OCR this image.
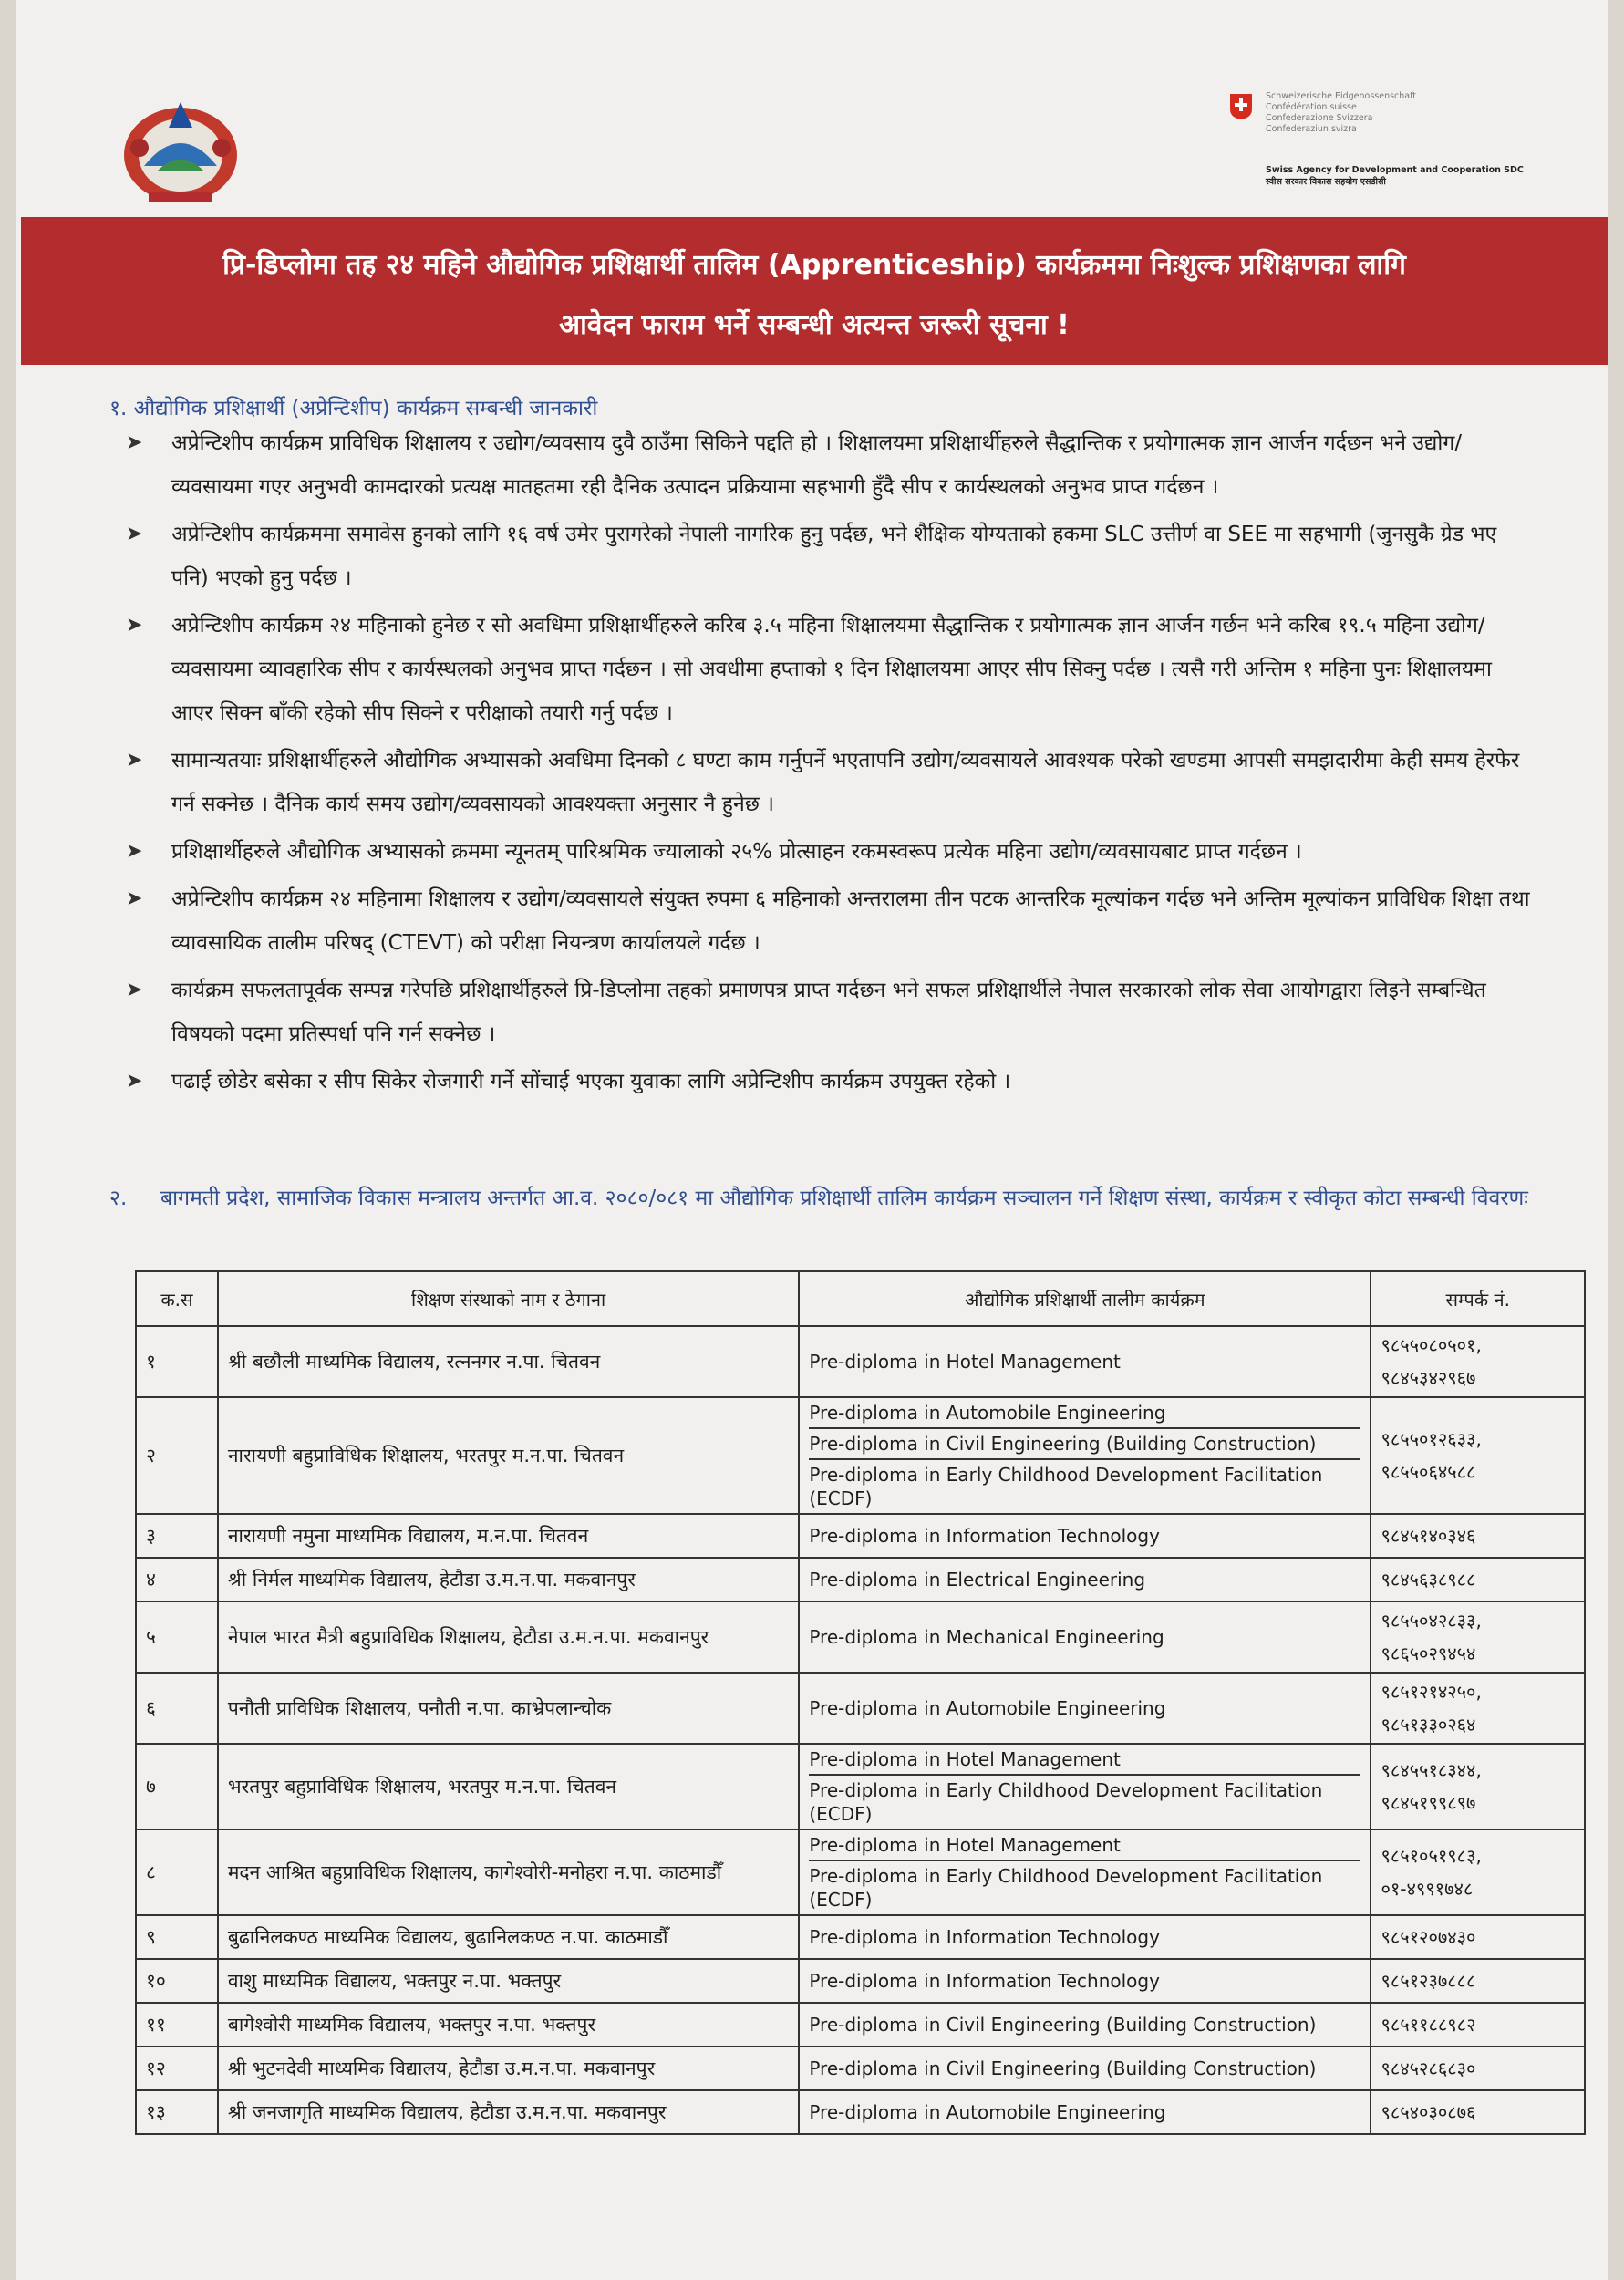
Schweizerische Eidgenossenschaft
Confédération suisse
Confederazione Svizzera
Confederaziun svizra
Swiss Agency for Development and Cooperation SDC
स्वीस सरकार विकास सहयोग एसडीसी
प्रि-डिप्लोमा तह २४ महिने औद्योगिक प्रशिक्षार्थी तालिम (Apprenticeship) कार्यक्रममा निःशुल्क प्रशिक्षणका लागि
आवेदन फाराम भर्ने सम्बन्धी अत्यन्त जरूरी सूचना !
१. औद्योगिक प्रशिक्षार्थी (अप्रेन्टिशीप) कार्यक्रम सम्बन्धी जानकारी
➤ अप्रेन्टिशीप कार्यक्रम प्राविधिक शिक्षालय र उद्योग/व्यवसाय दुवै ठाउँमा सिकिने पद्दति हो । शिक्षालयमा प्रशिक्षार्थीहरुले सैद्धान्तिक र प्रयोगात्मक ज्ञान आर्जन गर्दछन भने उद्योग/व्यवसायमा गएर अनुभवी कामदारको प्रत्यक्ष मातहतमा रही दैनिक उत्पादन प्रक्रियामा सहभागी हुँदै सीप र कार्यस्थलको अनुभव प्राप्त गर्दछन ।
➤ अप्रेन्टिशीप कार्यक्रममा समावेस हुनको लागि १६ वर्ष उमेर पुरागरेको नेपाली नागरिक हुनु पर्दछ, भने शैक्षिक योग्यताको हकमा SLC उत्तीर्ण वा SEE मा सहभागी (जुनसुकै ग्रेड भए पनि) भएको हुनु पर्दछ ।
➤ अप्रेन्टिशीप कार्यक्रम २४ महिनाको हुनेछ र सो अवधिमा प्रशिक्षार्थीहरुले करिब ३.५ महिना शिक्षालयमा सैद्धान्तिक र प्रयोगात्मक ज्ञान आर्जन गर्छन भने करिब १९.५ महिना उद्योग/व्यवसायमा व्यावहारिक सीप र कार्यस्थलको अनुभव प्राप्त गर्दछन । सो अवधीमा हप्ताको १ दिन शिक्षालयमा आएर सीप सिक्नु पर्दछ । त्यसै गरी अन्तिम १ महिना पुनः शिक्षालयमा आएर सिक्न बाँकी रहेको सीप सिक्ने र परीक्षाको तयारी गर्नु पर्दछ ।
➤ सामान्यतयाः प्रशिक्षार्थीहरुले औद्योगिक अभ्यासको अवधिमा दिनको ८ घण्टा काम गर्नुपर्ने भएतापनि उद्योग/व्यवसायले आवश्यक परेको खण्डमा आपसी समझदारीमा केही समय हेरफेर गर्न सक्नेछ । दैनिक कार्य समय उद्योग/व्यवसायको आवश्यक्ता अनुसार नै हुनेछ ।
➤ प्रशिक्षार्थीहरुले औद्योगिक अभ्यासको क्रममा न्यूनतम् पारिश्रमिक ज्यालाको २५% प्रोत्साहन रकमस्वरूप प्रत्येक महिना उद्योग/व्यवसायबाट प्राप्त गर्दछन ।
➤ अप्रेन्टिशीप कार्यक्रम २४ महिनामा शिक्षालय र उद्योग/व्यवसायले संयुक्त रुपमा ६ महिनाको अन्तरालमा तीन पटक आन्तरिक मूल्यांकन गर्दछ भने अन्तिम मूल्यांकन प्राविधिक शिक्षा तथा व्यावसायिक तालीम परिषद् (CTEVT) को परीक्षा नियन्त्रण कार्यालयले गर्दछ ।
➤ कार्यक्रम सफलतापूर्वक सम्पन्न गरेपछि प्रशिक्षार्थीहरुले प्रि-डिप्लोमा तहको प्रमाणपत्र प्राप्त गर्दछन भने सफल प्रशिक्षार्थीले नेपाल सरकारको लोक सेवा आयोगद्वारा लिइने सम्बन्धित विषयको पदमा प्रतिस्पर्धा पनि गर्न सक्नेछ ।
➤ पढाई छोडेर बसेका र सीप सिकेर रोजगारी गर्ने सोंचाई भएका युवाका लागि अप्रेन्टिशीप कार्यक्रम उपयुक्त रहेको ।
२.	बागमती प्रदेश, सामाजिक विकास मन्त्रालय अन्तर्गत आ.व. २०८०/०८१ मा औद्योगिक प्रशिक्षार्थी तालिम कार्यक्रम सञ्चालन गर्ने शिक्षण संस्था, कार्यक्रम र स्वीकृत कोटा सम्बन्धी विवरणः
क.स	शिक्षण संस्थाको नाम र ठेगाना	औद्योगिक प्रशिक्षार्थी तालीम कार्यक्रम	सम्पर्क नं.
१	श्री बछौली माध्यमिक विद्यालय, रत्ननगर न.पा. चितवन	Pre-diploma in Hotel Management	९८५५०८०५०१, ९८४५३४२९६७
२	नारायणी बहुप्राविधिक शिक्षालय, भरतपुर म.न.पा. चितवन	Pre-diploma in Automobile Engineering
Pre-diploma in Civil Engineering (Building Construction)
Pre-diploma in Early Childhood Development Facilitation (ECDF)	९८५५०१२६३३, ९८५५०६४५८८
३	नारायणी नमुना माध्यमिक विद्यालय, म.न.पा. चितवन	Pre-diploma in Information Technology	९८४५१४०३४६
४	श्री निर्मल माध्यमिक विद्यालय, हेटौडा उ.म.न.पा. मकवानपुर	Pre-diploma in Electrical Engineering	९८४५६३८९८८
५	नेपाल भारत मैत्री बहुप्राविधिक शिक्षालय, हेटौडा उ.म.न.पा. मकवानपुर	Pre-diploma in Mechanical Engineering	९८५५०४२८३३, ९८६५०२९४५४
६	पनौती प्राविधिक शिक्षालय, पनौती न.पा. काभ्रेपलान्चोक	Pre-diploma in Automobile Engineering	९८५१२१४२५०, ९८५१३३०२६४
७	भरतपुर बहुप्राविधिक शिक्षालय, भरतपुर म.न.पा. चितवन	Pre-diploma in Hotel Management
Pre-diploma in Early Childhood Development Facilitation (ECDF)	९८४५५१८३४४, ९८४५१९९८९७
८	मदन आश्रित बहुप्राविधिक शिक्षालय, कागेश्वोरी-मनोहरा न.पा. काठमाडौँ	Pre-diploma in Hotel Management
Pre-diploma in Early Childhood Development Facilitation (ECDF)	९८५१०५१९८३, ०१-४९९१७४८
९	बुढानिलकण्ठ माध्यमिक विद्यालय, बुढानिलकण्ठ न.पा. काठमाडौँ	Pre-diploma in Information Technology	९८५१२०७४३०
१०	वाशु माध्यमिक विद्यालय, भक्तपुर न.पा. भक्तपुर	Pre-diploma in Information Technology	९८५१२३७८८८
११	बागेश्वोरी माध्यमिक विद्यालय, भक्तपुर न.पा. भक्तपुर	Pre-diploma in Civil Engineering (Building Construction)	९८५११८८९८२
१२	श्री भुटनदेवी माध्यमिक विद्यालय, हेटौडा उ.म.न.पा. मकवानपुर	Pre-diploma in Civil Engineering (Building Construction)	९८४५२८६८३०
१३	श्री जनजागृति माध्यमिक विद्यालय, हेटौडा उ.म.न.पा. मकवानपुर	Pre-diploma in Automobile Engineering	९८५४०३०८७६
